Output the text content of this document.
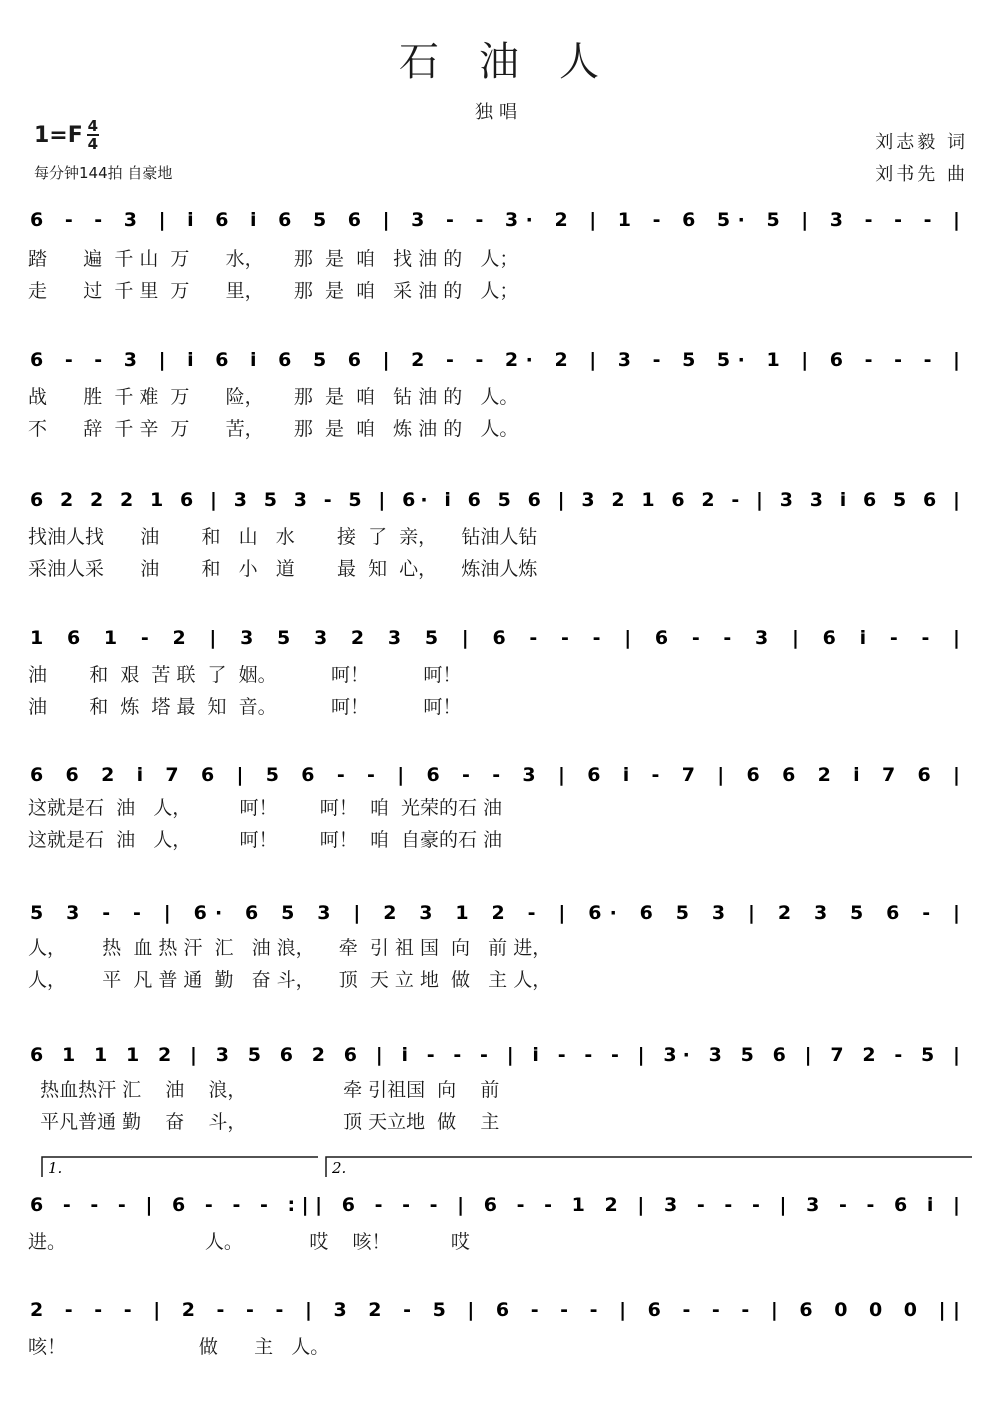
石油人
独唱
$1=F \frac{4}{4}$
每分钟144拍 自豪地
刘志毅 词
刘书先 曲
6 - - 3 | i 6 i 6 5 6 | 3 - - 3· 2 | 1 - 6 5· 5 | 3 - - - |
踏      遍  千 山  万      水，     那  是  咱   找 油 的   人；
走      过  千 里  万      里，     那  是  咱   采 油 的   人；
6 - - 3 | i 6 i 6 5 6 | 2 - - 2· 2 | 3 - 5 5· 1 | 6 - - - |
战      胜  千 难  万      险，     那  是  咱   钻 油 的   人。
不      辞  千 辛  万      苦，     那  是  咱   炼 油 的   人。
6 2 2 2 1 6 | 3 5 3 - 5 | 6· i 6 5 6 | 3 2 1 6 2 - | 3 3 i 6 5 6 |
找油人找      油       和   山   水       接  了  亲，    钻油人钻
采油人采      油       和   小   道       最  知  心，    炼油人炼
1 6 1 - 2 | 3 5 3 2 3 5 | 6 - - - | 6 - - 3 | 6 i - - |
油       和  艰  苦 联  了  姻。         呵！         呵！
油       和  炼  塔 最  知  音。         呵！         呵！
6 6 2 i 7 6 | 5 6 - - | 6 - - 3 | 6 i - 7 | 6 6 2 i 7 6 |
这就是石  油   人，        呵！       呵！  咱  光荣的石 油
这就是石  油   人，        呵！       呵！  咱  自豪的石 油
5 3 - - | 6· 6 5 3 | 2 3 1 2 - | 6· 6 5 3 | 2 3 5 6 - |
人，      热  血 热 汗  汇   油 浪，    牵  引 祖 国  向   前 进，
人，      平  凡 普 通  勤   奋 斗，    顶  天 立 地  做   主 人，
6 1 1 1 2 | 3 5 6 2 6 | i - - - | i - - - | 3· 3 5 6 | 7 2 - 5 |
热血热汗 汇    油    浪，                牵 引祖国  向    前
平凡普通 勤    奋    斗，                顶 天立地  做    主
1.	2.
6 - - - | 6 - - - :|| 6 - - - | 6 - - 1 2 | 3 - - - | 3 - - 6 i |
进。                       人。           哎    咳！          哎
2 - - - | 2 - - - | 3 2 - 5 | 6 - - - | 6 - - - | 6 0 0 0 ||
咳！                      做      主   人。
